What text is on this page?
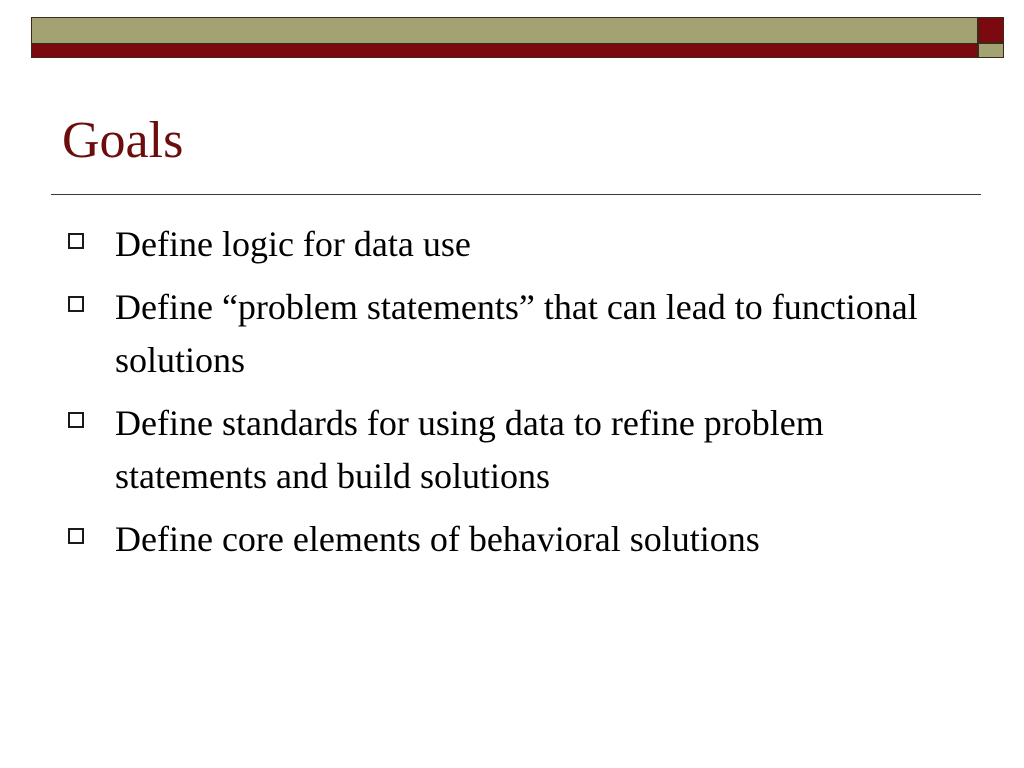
Goals
Define logic for data use
Define “problem statements” that can lead to functional solutions
Define standards for using data to refine problem statements and build solutions
Define core elements of behavioral solutions
